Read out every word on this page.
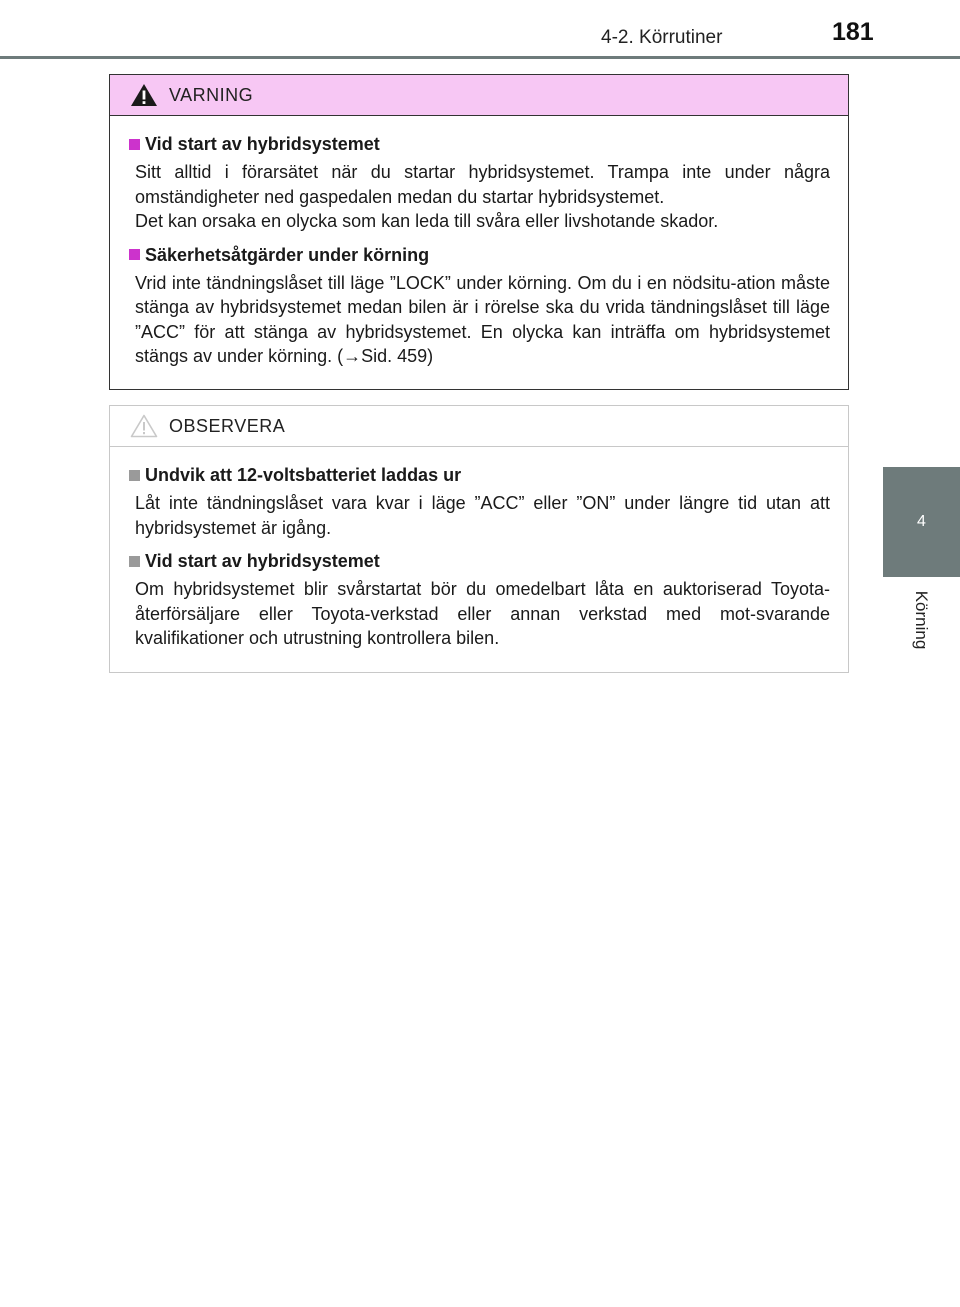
4-2. Körrutiner	181
4
Körning
VARNING
Vid start av hybridsystemet
Sitt alltid i förarsätet när du startar hybridsystemet. Trampa inte under några omständigheter ned gaspedalen medan du startar hybridsystemet.
Det kan orsaka en olycka som kan leda till svåra eller livshotande skador.
Säkerhetsåtgärder under körning
Vrid inte tändningslåset till läge ”LOCK” under körning. Om du i en nödsitu-ation måste stänga av hybridsystemet medan bilen är i rörelse ska du vrida tändningslåset till läge ”ACC” för att stänga av hybridsystemet. En olycka kan inträffa om hybridsystemet stängs av under körning. (→Sid. 459)
OBSERVERA
Undvik att 12-voltsbatteriet laddas ur
Låt inte tändningslåset vara kvar i läge ”ACC” eller ”ON” under längre tid utan att hybridsystemet är igång.
Vid start av hybridsystemet
Om hybridsystemet blir svårstartat bör du omedelbart låta en auktoriserad Toyota-återförsäljare eller Toyota-verkstad eller annan verkstad med mot-svarande kvalifikationer och utrustning kontrollera bilen.
